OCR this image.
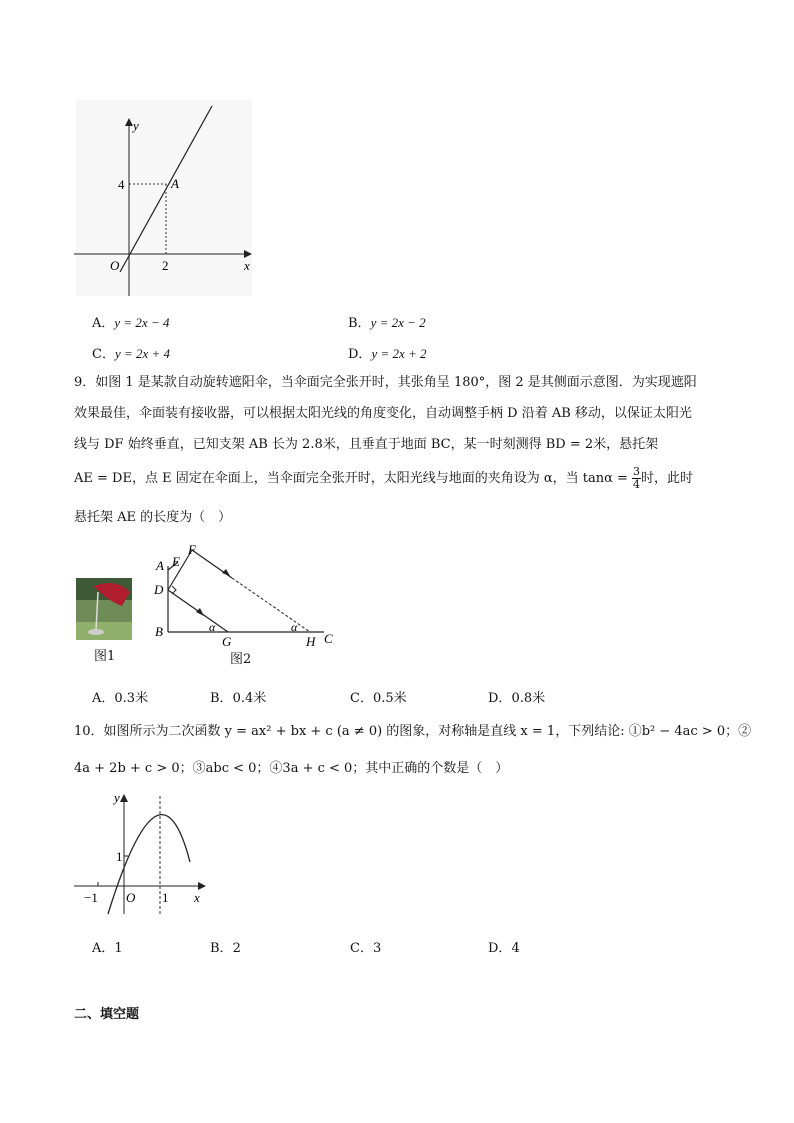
y
x
O
A
4
2
A．y = 2x − 4	B．y = 2x − 2
C．y = 2x + 4	D．y = 2x + 2
9．如图 1 是某款自动旋转遮阳伞，当伞面完全张开时，其张角呈 180°，图 2 是其侧面示意图．为实现遮阳
效果最佳，伞面装有接收器，可以根据太阳光线的角度变化，自动调整手柄 D 沿着 AB 移动，以保证太阳光
线与 DF 始终垂直，已知支架 AB 长为 2.8米，且垂直于地面 BC，某一时刻测得 BD = 2米，悬托架
AE = DE，点 E 固定在伞面上，当伞面完全张开时，太阳光线与地面的夹角设为 α，当 $\tan\alpha = \frac{3}{4}$ 时，此时
悬托架 AE 的长度为（　）
图1
A E
F
D
B
G	H C
α	α
图2
A．0.3米	B．0.4米	C．0.5米	D．0.8米
10．如图所示为二次函数 y = ax² + bx + c (a ≠ 0) 的图象，对称轴是直线 x = 1，下列结论: ①b² − 4ac > 0；②
4a + 2b + c > 0；③abc < 0；④3a + c < 0；其中正确的个数是（　）
y
x
O
−1	1
1
A．1	B．2	C．3	D．4
二、填空题
